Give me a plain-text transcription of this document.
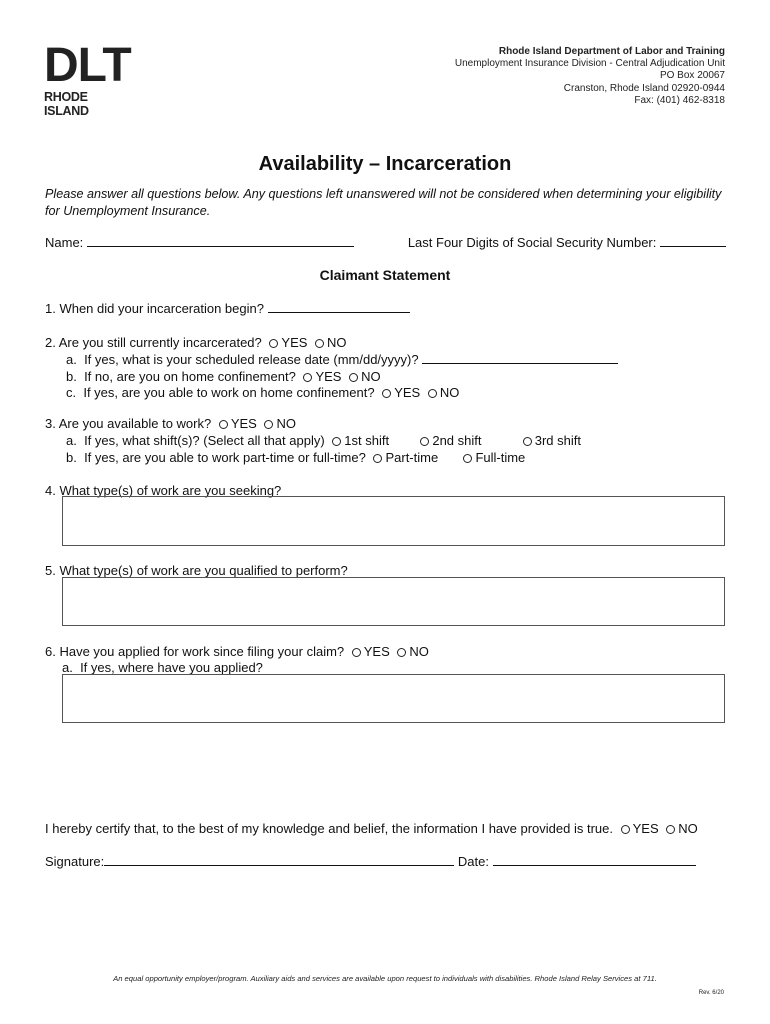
DLT
RHODE ISLAND
Rhode Island Department of Labor and Training
Unemployment Insurance Division - Central Adjudication Unit
PO Box 20067
Cranston, Rhode Island 02920-0944
Fax: (401) 462-8318
Availability – Incarceration
Please answer all questions below. Any questions left unanswered will not be considered when determining your eligibility for Unemployment Insurance.
Name:	Last Four Digits of Social Security Number:
Claimant Statement
1. When did your incarceration begin?
2. Are you still currently incarcerated? YES NO
a.  If yes, what is your scheduled release date (mm/dd/yyyy)?
b.  If no, are you on home confinement? YES NO
c.  If yes, are you able to work on home confinement? YES NO
3. Are you available to work? YES NO
a.  If yes, what shift(s)? (Select all that apply) 1st shift	2nd shift	3rd shift
b.  If yes, are you able to work part-time or full-time? Part-time	Full-time
4. What type(s) of work are you seeking?
5. What type(s) of work are you qualified to perform?
6. Have you applied for work since filing your claim? YES NO
a.  If yes, where have you applied?
I hereby certify that, to the best of my knowledge and belief, the information I have provided is true. YES NO
Signature:	Date:
An equal opportunity employer/program. Auxiliary aids and services are available upon request to individuals with disabilities. Rhode Island Relay Services at 711.
Rev. 6/20
